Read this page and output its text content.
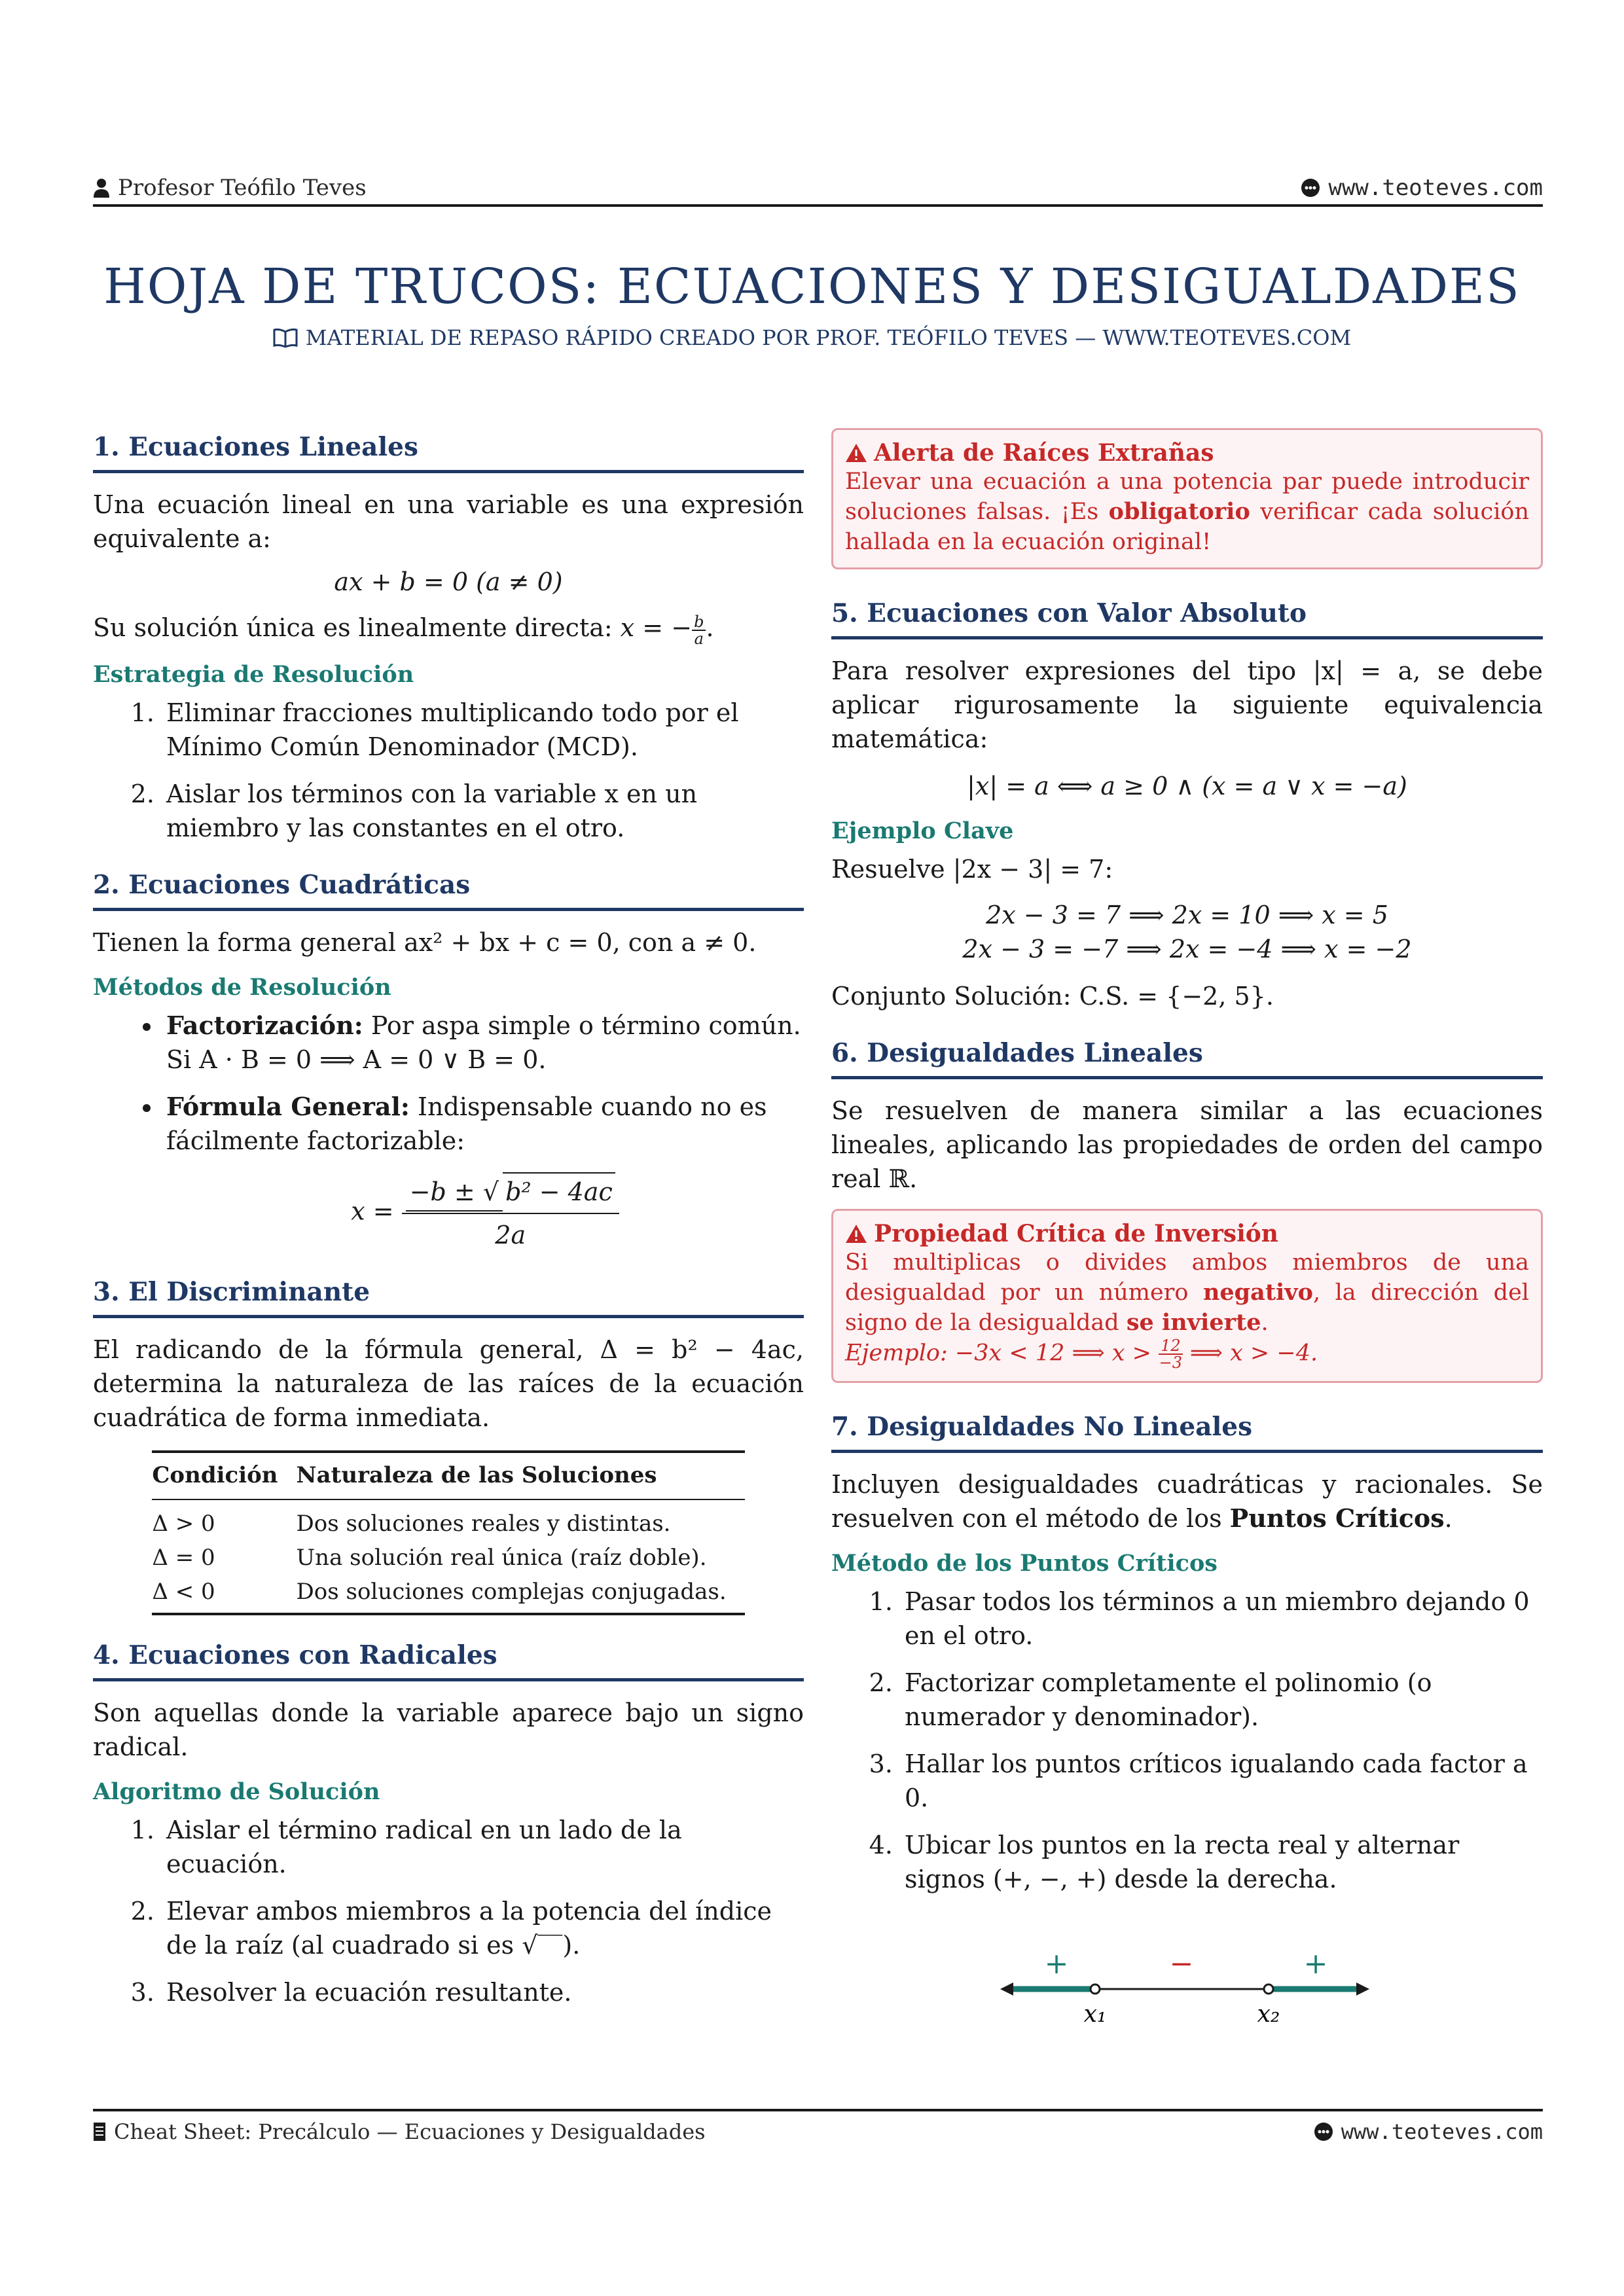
Profesor Teófilo Teves	www.teoteves.com
HOJA DE TRUCOS: ECUACIONES Y DESIGUALDADES
MATERIAL DE REPASO RÁPIDO CREADO POR PROF. TEÓFILO TEVES — WWW.TEOTEVES.COM
1. Ecuaciones Lineales

Una ecuación lineal en una variable es una expresión equivalente a:

ax + b = 0 (a ≠ 0)

Su solución única es linealmente directa: x = − $\frac{b}{a}$ .

Estrategia de Resolución
1. Eliminar fracciones multiplicando todo por el Mínimo Común Denominador (MCD).
2. Aislar los términos con la variable x en un miembro y las constantes en el otro.
2. Ecuaciones Cuadráticas

Tienen la forma general ax² + bx + c = 0, con a ≠ 0.

Métodos de Resolución
• Factorización: Por aspa simple o término común. Si A · B = 0 ⟹ A = 0 ∨ B = 0.
• Fórmula General: Indispensable cuando no es fácilmente factorizable:
$x = \frac{\text{−b ± √ b² − 4ac}}{2a}$
3. El Discriminante

El radicando de la fórmula general, Δ = b² − 4ac, determina la naturaleza de las raíces de la ecuación cuadrática de forma inmediata.

Condición	Naturaleza de las Soluciones
Δ > 0	Dos soluciones reales y distintas.
Δ = 0	Una solución real única (raíz doble).
Δ < 0	Dos soluciones complejas conjugadas.
4. Ecuaciones con Radicales

Son aquellas donde la variable aparece bajo un signo radical.

Algoritmo de Solución
1. Aislar el término radical en un lado de la ecuación.
2. Elevar ambos miembros a la potencia del índice de la raíz (al cuadrado si es √‾‾).
3. Resolver la ecuación resultante.
Alerta de Raíces Extrañas
Elevar una ecuación a una potencia par puede introducir soluciones falsas. ¡Es obligatorio verificar cada solución hallada en la ecuación original!
5. Ecuaciones con Valor Absoluto

Para resolver expresiones del tipo |x| = a, se debe aplicar rigurosamente la siguiente equivalencia matemática:

|x| = a ⟺ a ≥ 0 ∧ (x = a ∨ x = −a)
Ejemplo Clave

Resuelve |2x − 3| = 7:

2x − 3 = 7 ⟹ 2x = 10 ⟹ x = 5
2x − 3 = −7 ⟹ 2x = −4 ⟹ x = −2

Conjunto Solución: C.S. = {−2, 5}.

6. Desigualdades Lineales

Se resuelven de manera similar a las ecuaciones lineales, aplicando las propiedades de orden del campo real ℝ.

Propiedad Crítica de Inversión
Si multiplicas o divides ambos miembros de una desigualdad por un número negativo, la dirección del signo de la desigualdad se invierte.
Ejemplo: −3x < 12 ⟹ $x > \frac{12}{-3}$ ⟹ x > −4.
7. Desigualdades No Lineales

Incluyen desigualdades cuadráticas y racionales. Se resuelven con el método de los Puntos Críticos.

Método de los Puntos Críticos
1. Pasar todos los términos a un miembro dejando 0 en el otro.
2. Factorizar completamente el polinomio (o numerador y denominador).
3. Hallar los puntos críticos igualando cada factor a 0.
4. Ubicar los puntos en la recta real y alternar signos (+, −, +) desde la derecha.
+	−	+
x₁	x₂
Cheat Sheet: Precálculo — Ecuaciones y Desigualdades	www.teoteves.com
